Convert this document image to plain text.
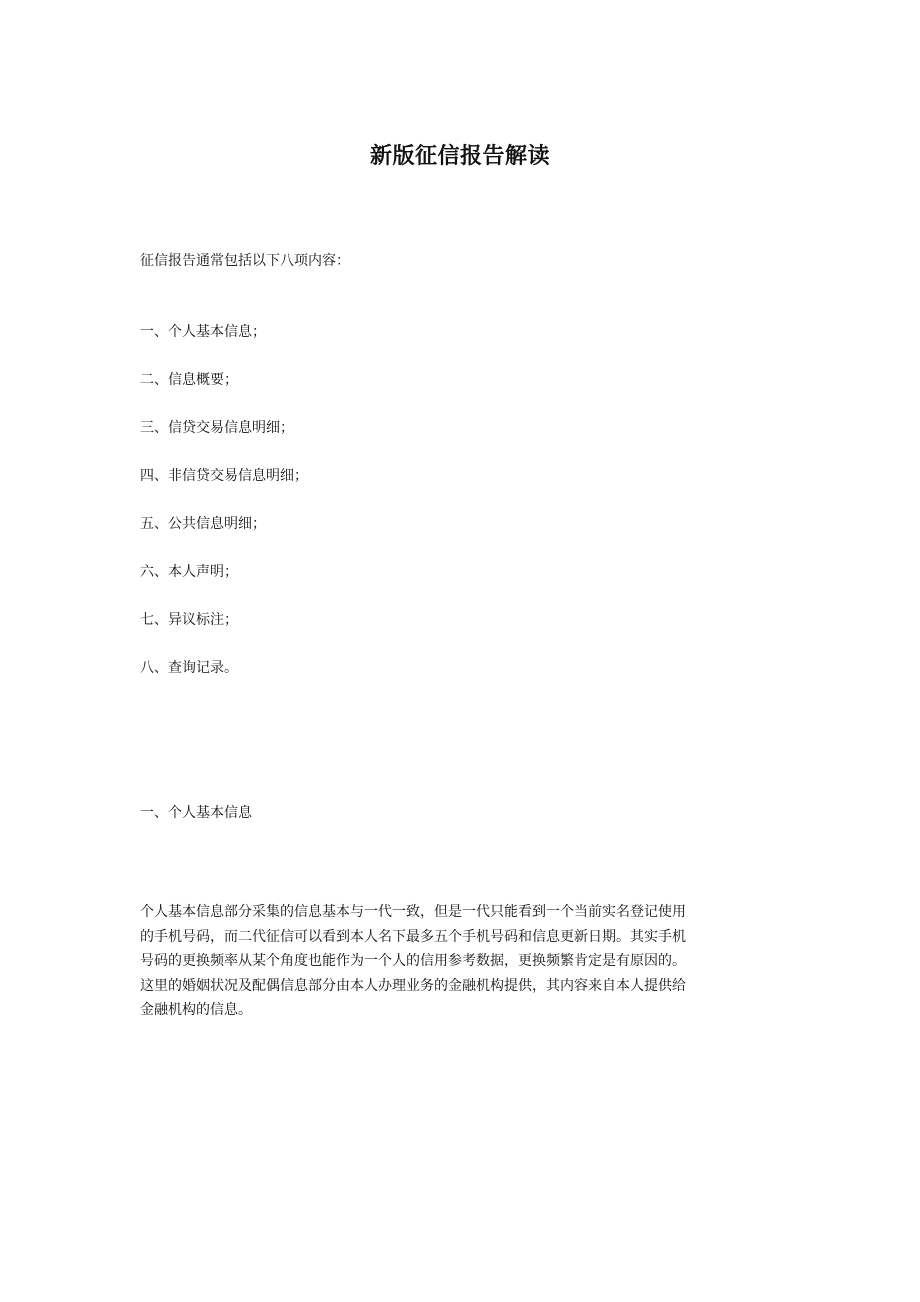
新版征信报告解读
征信报告通常包括以下八项内容：
一、个人基本信息；
二、信息概要；
三、信贷交易信息明细；
四、非信贷交易信息明细；
五、公共信息明细；
六、本人声明；
七、异议标注；
八、查询记录。
一、个人基本信息
个人基本信息部分采集的信息基本与一代一致，但是一代只能看到一个当前实名登记使用
的手机号码，而二代征信可以看到本人名下最多五个手机号码和信息更新日期。其实手机
号码的更换频率从某个角度也能作为一个人的信用参考数据，更换频繁肯定是有原因的。
这里的婚姻状况及配偶信息部分由本人办理业务的金融机构提供，其内容来自本人提供给
金融机构的信息。
